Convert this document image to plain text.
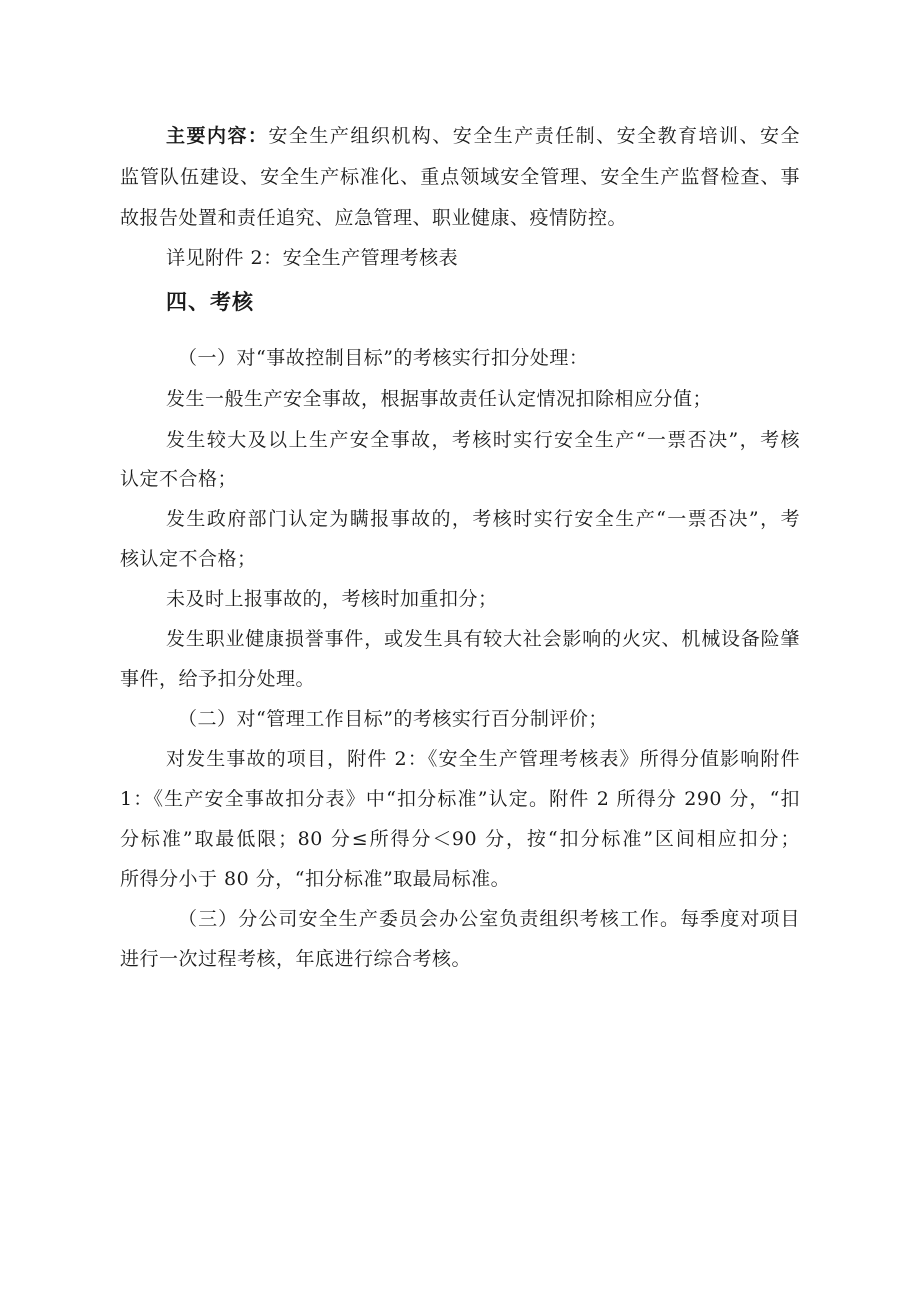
主要内容：安全生产组织机构、安全生产责任制、安全教育培训、安全
监管队伍建设、安全生产标准化、重点领域安全管理、安全生产监督检查、事
故报告处置和责任追究、应急管理、职业健康、疫情防控。
详见附件 2：安全生产管理考核表
四、考核
（一）对“事故控制目标”的考核实行扣分处理：
发生一般生产安全事故，根据事故责任认定情况扣除相应分值；
发生较大及以上生产安全事故，考核时实行安全生产“一票否决”，考核
认定不合格；
发生政府部门认定为瞒报事故的，考核时实行安全生产“一票否决”，考
核认定不合格；
未及时上报事故的，考核时加重扣分；
发生职业健康损誉事件，或发生具有较大社会影响的火灾、机械设备险肇
事件，给予扣分处理。
（二）对“管理工作目标”的考核实行百分制评价；
对发生事故的项目，附件 2：《安全生产管理考核表》所得分值影响附件
1：《生产安全事故扣分表》中“扣分标准”认定。附件 2 所得分 290 分，“扣
分标准”取最低限；80 分≤所得分＜90 分，按“扣分标准”区间相应扣分；
所得分小于 80 分，“扣分标准”取最局标准。
（三）分公司安全生产委员会办公室负责组织考核工作。每季度对项目
进行一次过程考核，年底进行综合考核。
